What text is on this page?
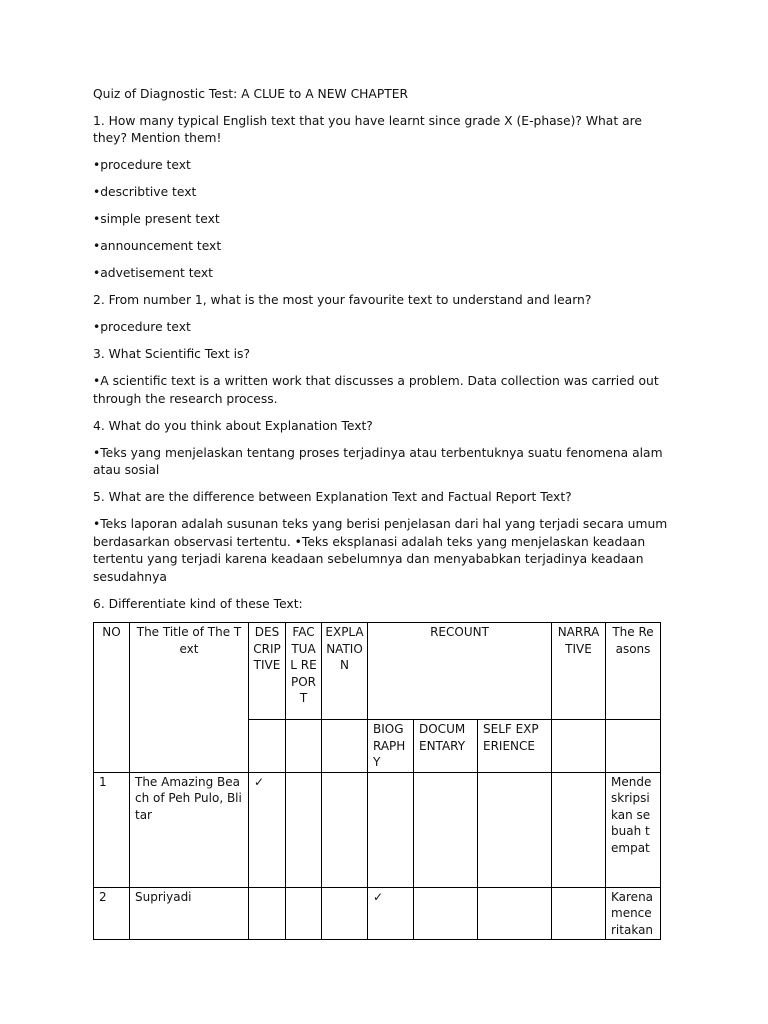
Quiz of Diagnostic Test: A CLUE to A NEW CHAPTER

1. How many typical English text that you have learnt since grade X (E-phase)? What are they? Mention them!

•procedure text

•describtive text

•simple present text

•announcement text

•advetisement text

2. From number 1, what is the most your favourite text to understand and learn?

•procedure text

3. What Scientific Text is?

•A scientific text is a written work that discusses a problem. Data collection was carried out through the research process.

4. What do you think about Explanation Text?

•Teks yang menjelaskan tentang proses terjadinya atau terbentuknya suatu fenomena alam atau sosial

5. What are the difference between Explanation Text and Factual Report Text?

•Teks laporan adalah susunan teks yang berisi penjelasan dari hal yang terjadi secara umum berdasarkan observasi tertentu. •Teks eksplanasi adalah teks yang menjelaskan keadaan tertentu yang terjadi karena keadaan sebelumnya dan menyababkan terjadinya keadaan sesudahnya

6. Differentiate kind of these Text:

NO	The Title of The Text	DESCRIPTIVE	FACTUAL REPORT	EXPLANATION	RECOUNT			NARRATIVE	The Reasons
					BIOGRAPHY	DOCUMENTARY	SELF EXPERIENCE		
1	The Amazing Beach of Peh Pulo, Blitar	✓							Mendeskripsikan sebuah tempat
2	Supriyadi				✓				Karena menceritakan
